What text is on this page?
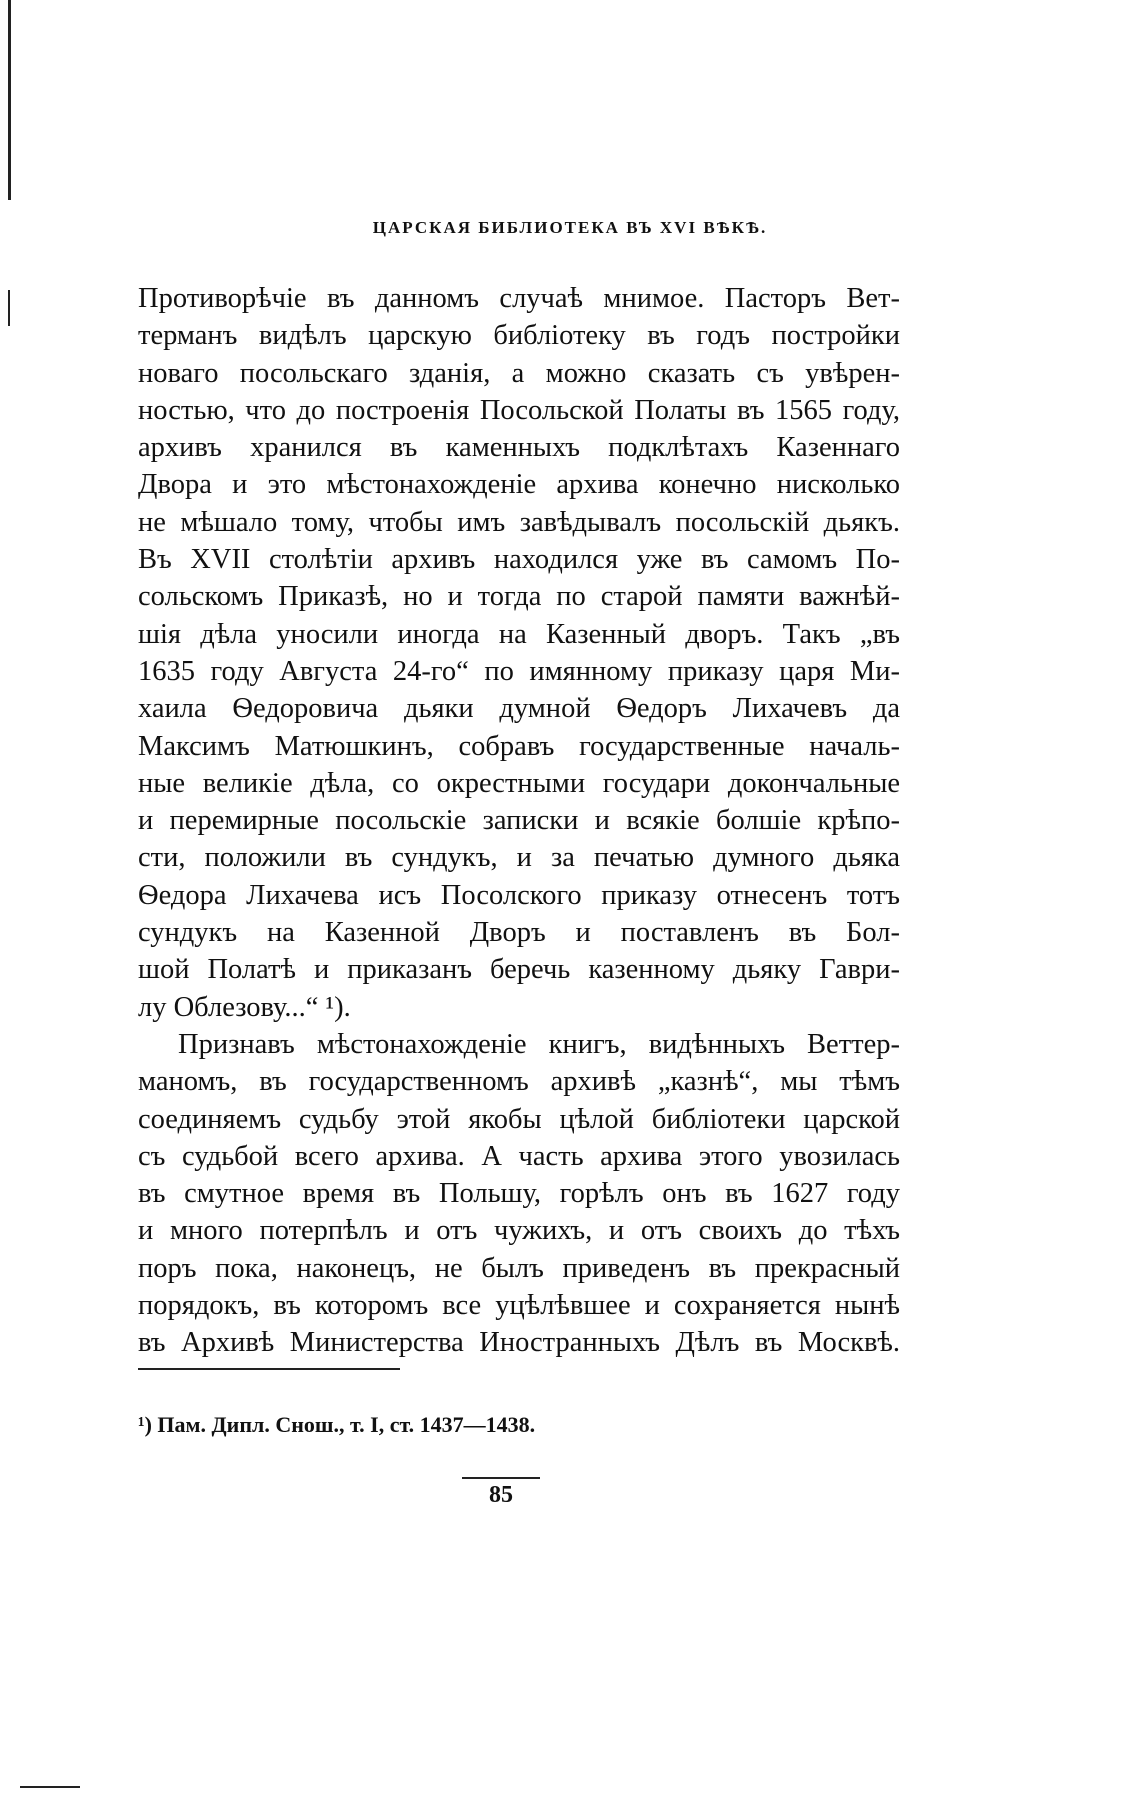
ЦАРСКАЯ БИБЛИОТЕКА ВЪ XVI ВѢКѢ.
Противорѣчіе въ данномъ случаѣ мнимое. Пасторъ Вет-
терманъ видѣлъ царскую библіотеку въ годъ постройки
новаго посольскаго зданія, а можно сказать съ увѣрен-
ностью, что до построенія Посольской Полаты въ 1565 году,
архивъ хранился въ каменныхъ подклѣтахъ Казеннаго
Двора и это мѣстонахожденіе архива конечно нисколько
не мѣшало тому, чтобы имъ завѣдывалъ посольскій дьякъ.
Въ XVII столѣтіи архивъ находился уже въ самомъ По-
сольскомъ Приказѣ, но и тогда по старой памяти важнѣй-
шія дѣла уносили иногда на Казенный дворъ. Такъ „въ
1635 году Августа 24-го“ по имянному приказу царя Ми-
хаила Ѳедоровича дьяки думной Ѳедоръ Лихачевъ да
Максимъ Матюшкинъ, собравъ государственные началь-
ные великіе дѣла, со окрестными государи докончальные
и перемирные посольскіе записки и всякіе болшіе крѣпо-
сти, положили въ сундукъ, и за печатью думного дьяка
Ѳедора Лихачева исъ Посолского приказу отнесенъ тотъ
сундукъ на Казенной Дворъ и поставленъ въ Бол-
шой Полатѣ и приказанъ беречь казенному дьяку Гаври-
лу Облезову...“ ¹).
Признавъ мѣстонахожденіе книгъ, видѣнныхъ Веттер-
маномъ, въ государственномъ архивѣ „казнѣ“, мы тѣмъ
соединяемъ судьбу этой якобы цѣлой библіотеки царской
съ судьбой всего архива. А часть архива этого увозилась
въ смутное время въ Польшу, горѣлъ онъ въ 1627 году
и много потерпѣлъ и отъ чужихъ, и отъ своихъ до тѣхъ
поръ пока, наконецъ, не былъ приведенъ въ прекрасный
порядокъ, въ которомъ все уцѣлѣвшее и сохраняется нынѣ
въ Архивѣ Министерства Иностранныхъ Дѣлъ въ Москвѣ.
¹) Пам. Дипл. Снош., т. I, ст. 1437—1438.
85
